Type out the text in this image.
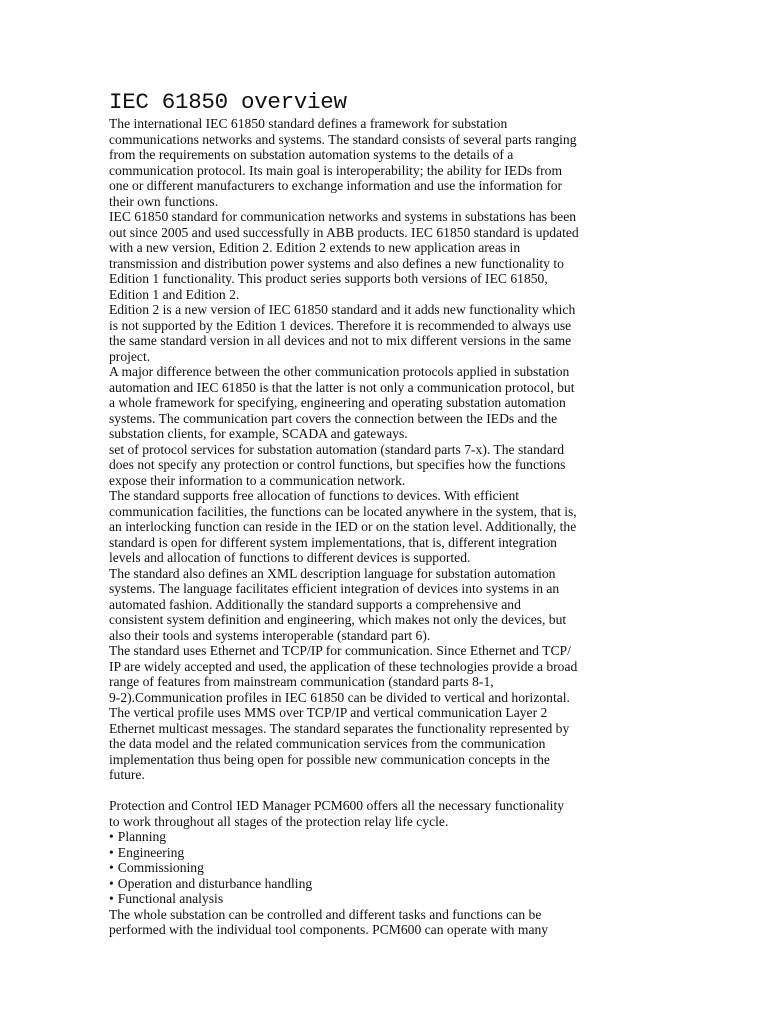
IEC 61850 overview

The international IEC 61850 standard defines a framework for substation
communications networks and systems. The standard consists of several parts ranging
from the requirements on substation automation systems to the details of a
communication protocol. Its main goal is interoperability; the ability for IEDs from
one or different manufacturers to exchange information and use the information for
their own functions.

IEC 61850 standard for communication networks and systems in substations has been
out since 2005 and used successfully in ABB products. IEC 61850 standard is updated
with a new version, Edition 2. Edition 2 extends to new application areas in
transmission and distribution power systems and also defines a new functionality to
Edition 1 functionality. This product series supports both versions of IEC 61850,
Edition 1 and Edition 2.

Edition 2 is a new version of IEC 61850 standard and it adds new functionality which
is not supported by the Edition 1 devices. Therefore it is recommended to always use
the same standard version in all devices and not to mix different versions in the same
project.

A major difference between the other communication protocols applied in substation
automation and IEC 61850 is that the latter is not only a communication protocol, but
a whole framework for specifying, engineering and operating substation automation
systems. The communication part covers the connection between the IEDs and the
substation clients, for example, SCADA and gateways.

set of protocol services for substation automation (standard parts 7-x). The standard
does not specify any protection or control functions, but specifies how the functions
expose their information to a communication network.

The standard supports free allocation of functions to devices. With efficient
communication facilities, the functions can be located anywhere in the system, that is,
an interlocking function can reside in the IED or on the station level. Additionally, the
standard is open for different system implementations, that is, different integration
levels and allocation of functions to different devices is supported.

The standard also defines an XML description language for substation automation
systems. The language facilitates efficient integration of devices into systems in an
automated fashion. Additionally the standard supports a comprehensive and
consistent system definition and engineering, which makes not only the devices, but
also their tools and systems interoperable (standard part 6).

The standard uses Ethernet and TCP/IP for communication. Since Ethernet and TCP/
IP are widely accepted and used, the application of these technologies provide a broad
range of features from mainstream communication (standard parts 8-1,
9-2).Communication profiles in IEC 61850 can be divided to vertical and horizontal.
The vertical profile uses MMS over TCP/IP and vertical communication Layer 2
Ethernet multicast messages. The standard separates the functionality represented by
the data model and the related communication services from the communication
implementation thus being open for possible new communication concepts in the
future.

Protection and Control IED Manager PCM600 offers all the necessary functionality
to work throughout all stages of the protection relay life cycle.

• Planning
• Engineering
• Commissioning
• Operation and disturbance handling
• Functional analysis

The whole substation can be controlled and different tasks and functions can be
performed with the individual tool components. PCM600 can operate with many
